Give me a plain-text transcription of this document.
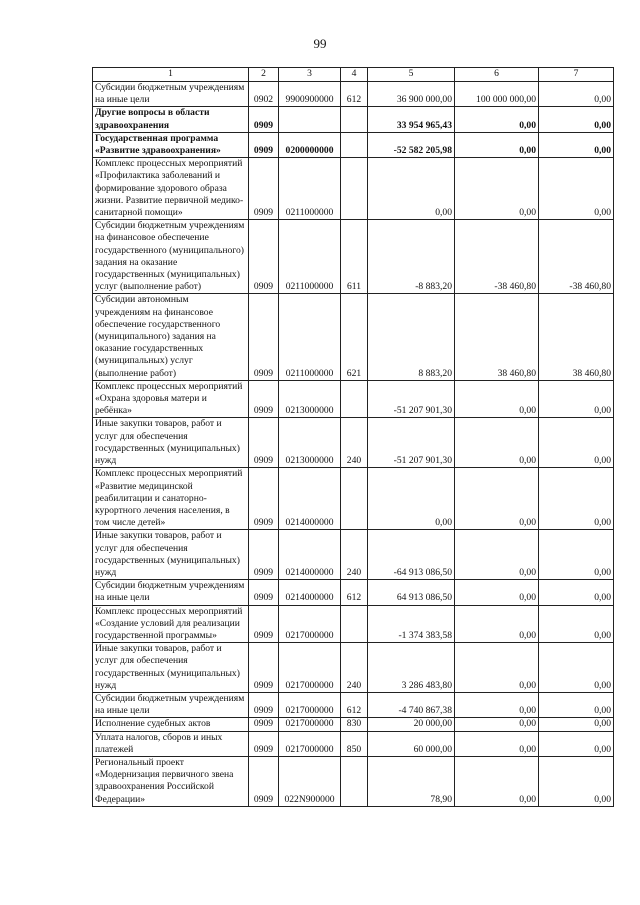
99
1	2	3	4	5	6	7
Субсидии бюджетным учреждениям на иные цели	0902	9900900000	612	36 900 000,00	100 000 000,00	0,00
Другие вопросы в области здравоохранения	0909			33 954 965,43	0,00	0,00
Государственная программа «Развитие здравоохранения»	0909	0200000000		-52 582 205,98	0,00	0,00
Комплекс процессных мероприятий «Профилактика заболеваний и формирование здорового образа жизни. Развитие первичной медико-санитарной помощи»	0909	0211000000		0,00	0,00	0,00
Субсидии бюджетным учреждениям на финансовое обеспечение государственного (муниципального) задания на оказание государственных (муниципальных) услуг (выполнение работ)	0909	0211000000	611	-8 883,20	-38 460,80	-38 460,80
Субсидии автономным учреждениям на финансовое обеспечение государственного (муниципального) задания на оказание государственных (муниципальных) услуг (выполнение работ)	0909	0211000000	621	8 883,20	38 460,80	38 460,80
Комплекс процессных мероприятий «Охрана здоровья матери и ребёнка»	0909	0213000000		-51 207 901,30	0,00	0,00
Иные закупки товаров, работ и услуг для обеспечения государственных (муниципальных) нужд	0909	0213000000	240	-51 207 901,30	0,00	0,00
Комплекс процессных мероприятий «Развитие медицинской реабилитации и санаторно-курортного лечения населения, в том числе детей»	0909	0214000000		0,00	0,00	0,00
Иные закупки товаров, работ и услуг для обеспечения государственных (муниципальных) нужд	0909	0214000000	240	-64 913 086,50	0,00	0,00
Субсидии бюджетным учреждениям на иные цели	0909	0214000000	612	64 913 086,50	0,00	0,00
Комплекс процессных мероприятий «Создание условий для реализации государственной программы»	0909	0217000000		-1 374 383,58	0,00	0,00
Иные закупки товаров, работ и услуг для обеспечения государственных (муниципальных) нужд	0909	0217000000	240	3 286 483,80	0,00	0,00
Субсидии бюджетным учреждениям на иные цели	0909	0217000000	612	-4 740 867,38	0,00	0,00
Исполнение судебных актов	0909	0217000000	830	20 000,00	0,00	0,00
Уплата налогов, сборов и иных платежей	0909	0217000000	850	60 000,00	0,00	0,00
Региональный проект «Модернизация первичного звена здравоохранения Российской Федерации»	0909	022N900000		78,90	0,00	0,00
